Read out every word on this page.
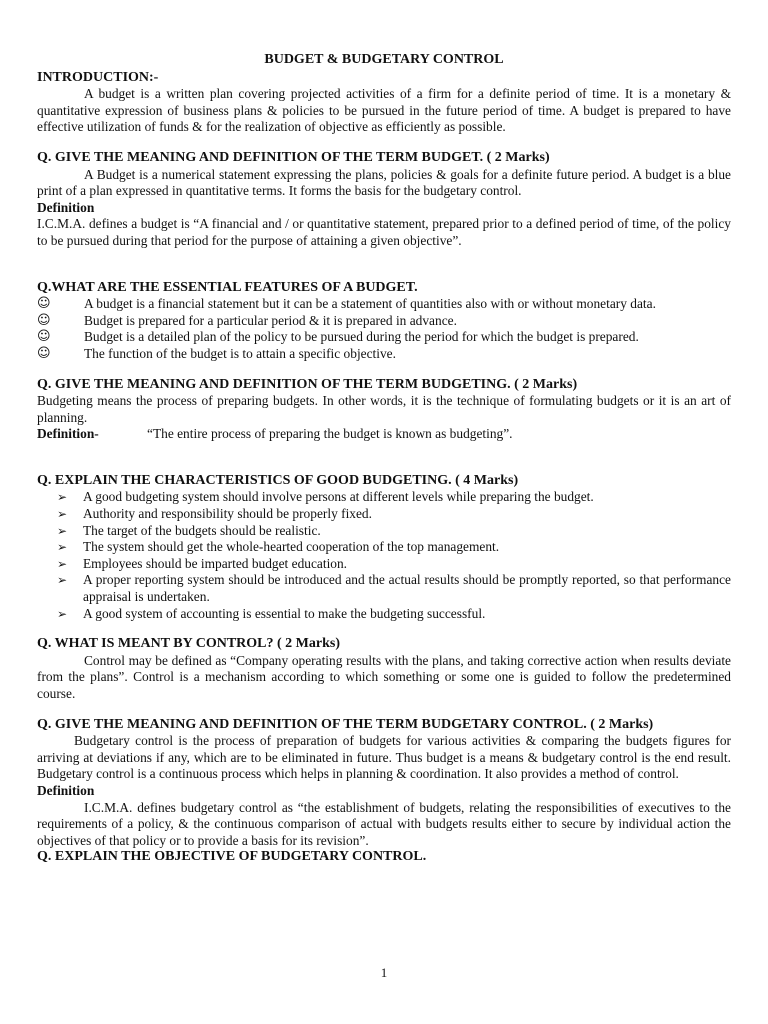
BUDGET & BUDGETARY CONTROL
INTRODUCTION:-

A budget is a written plan covering projected activities of a firm for a definite period of time. It is a monetary & quantitative expression of business plans & policies to be pursued in the future period of time. A budget is prepared to have effective utilization of funds & for the realization of objective as efficiently as possible.

Q. GIVE THE MEANING AND DEFINITION OF THE TERM BUDGET. ( 2 Marks)

A Budget is a numerical statement expressing the plans, policies & goals for a definite future period. A budget is a blue print of a plan expressed in quantitative terms. It forms the basis for the budgetary control.

Definition

I.C.M.A. defines a budget is “A financial and / or quantitative statement, prepared prior to a defined period of time, of the policy to be pursued during that period for the purpose of attaining a given objective”.

Q.WHAT ARE THE ESSENTIAL FEATURES OF A BUDGET.

☺	A budget is a financial statement but it can be a statement of quantities also with or without monetary data.
☺	Budget is prepared for a particular period & it is prepared in advance.
☺	Budget is a detailed plan of the policy to be pursued during the period for which the budget is prepared.
☺	The function of the budget is to attain a specific objective.

Q. GIVE THE MEANING AND DEFINITION OF THE TERM BUDGETING. ( 2 Marks)

Budgeting means the process of preparing budgets. In other words, it is the technique of formulating budgets or it is an art of planning.

Definition-	“The entire process of preparing the budget is known as budgeting”.

Q. EXPLAIN THE CHARACTERISTICS OF GOOD BUDGETING. ( 4 Marks)

➢	A good budgeting system should involve persons at different levels while preparing the budget.
➢	Authority and responsibility should be properly fixed.
➢	The target of the budgets should be realistic.
➢	The system should get the whole-hearted cooperation of the top management.
➢	Employees should be imparted budget education.
➢	A proper reporting system should be introduced and the actual results should be promptly reported, so that performance appraisal is undertaken.
➢	A good system of accounting is essential to make the budgeting successful.

Q. WHAT IS MEANT BY CONTROL? ( 2 Marks)

Control may be defined as “Company operating results with the plans, and taking corrective action when results deviate from the plans”. Control is a mechanism according to which something or some one is guided to follow the predetermined course.

Q. GIVE THE MEANING AND DEFINITION OF THE TERM BUDGETARY CONTROL. ( 2 Marks)

Budgetary control is the process of preparation of budgets for various activities & comparing the budgets figures for arriving at deviations if any, which are to be eliminated in future. Thus budget is a means & budgetary control is the end result. Budgetary control is a continuous process which helps in planning & coordination. It also provides a method of control.

Definition

I.C.M.A. defines budgetary control as “the establishment of budgets, relating the responsibilities of executives to the requirements of a policy, & the continuous comparison of actual with budgets results either to secure by individual action the objectives of that policy or to provide a basis for its revision”.

Q. EXPLAIN THE OBJECTIVE OF BUDGETARY CONTROL.

1
